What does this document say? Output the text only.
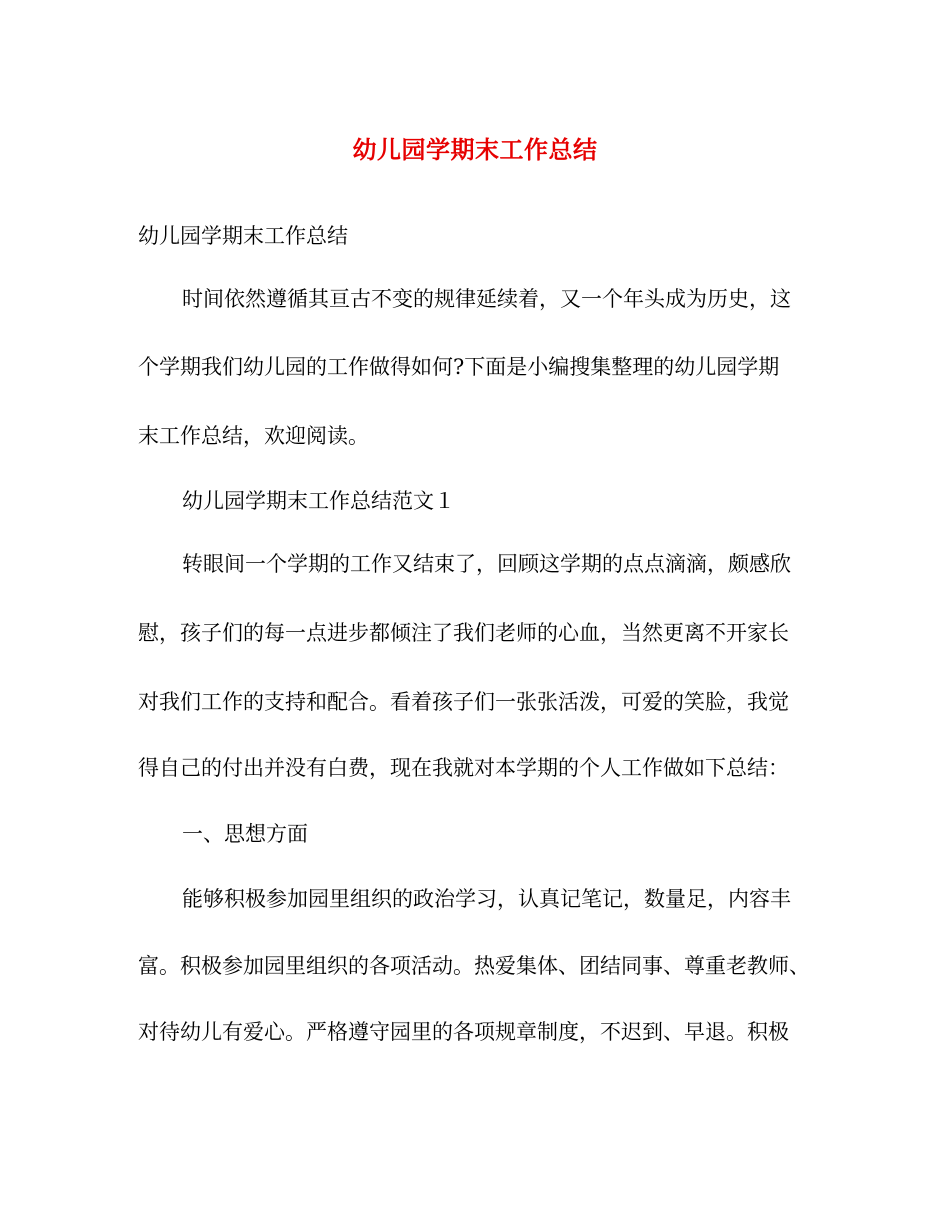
幼儿园学期末工作总结
幼儿园学期末工作总结
时间依然遵循其亘古不变的规律延续着，又一个年头成为历史，这
个学期我们幼儿园的工作做得如何?下面是小编搜集整理的幼儿园学期
末工作总结，欢迎阅读。
幼儿园学期末工作总结范文１
转眼间一个学期的工作又结束了，回顾这学期的点点滴滴，颇感欣
慰，孩子们的每一点进步都倾注了我们老师的心血，当然更离不开家长
对我们工作的支持和配合。看着孩子们一张张活泼，可爱的笑脸，我觉
得自己的付出并没有白费，现在我就对本学期的个人工作做如下总结：
一、思想方面
能够积极参加园里组织的政治学习，认真记笔记，数量足，内容丰
富。积极参加园里组织的各项活动。热爱集体、团结同事、尊重老教师、
对待幼儿有爱心。严格遵守园里的各项规章制度，不迟到、早退。积极
